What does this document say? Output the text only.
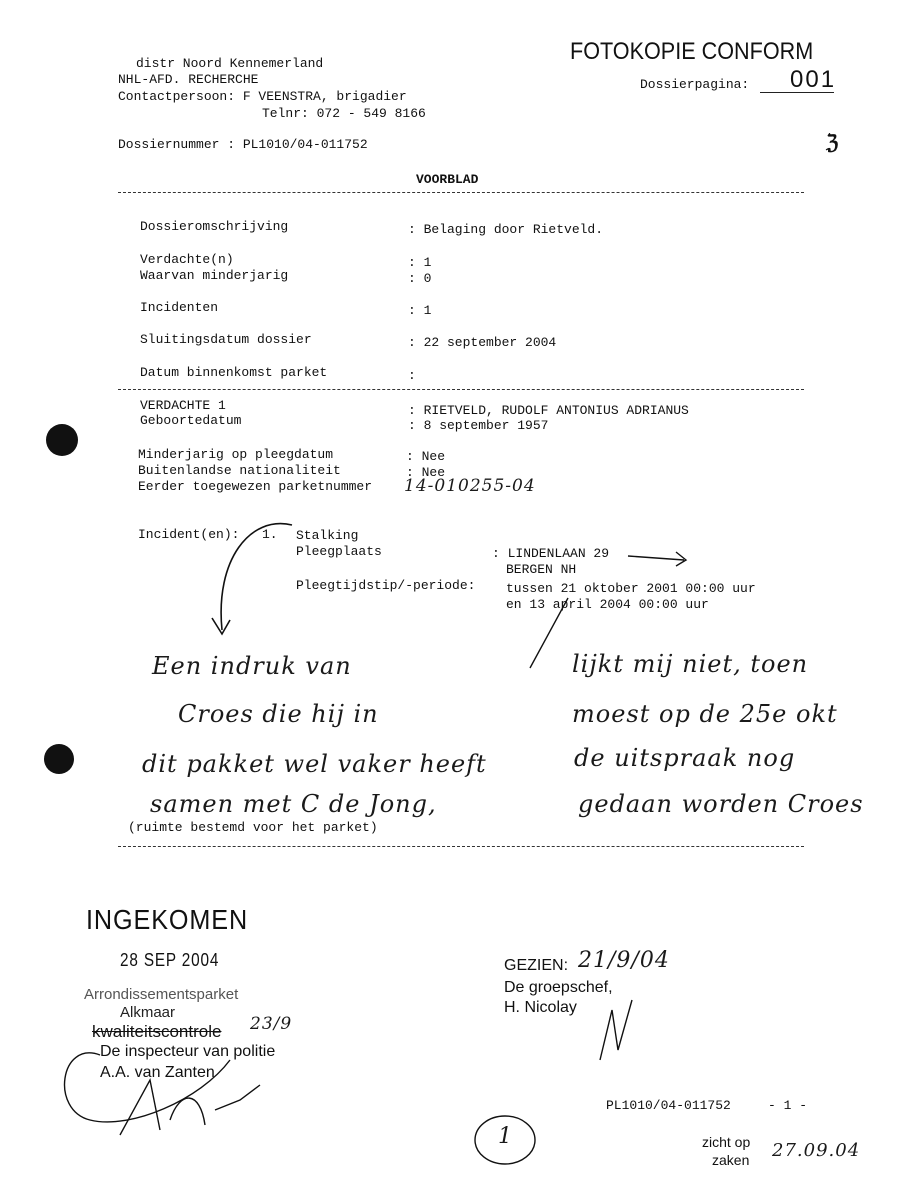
FOTOKOPIE CONFORM
Dossierpagina: 001
distr Noord Kennemerland
NHL-AFD. RECHERCHE
Contactpersoon: F VEENSTRA, brigadier
Telnr: 072 - 549 8166
Dossiernummer : PL1010/04-011752	ℨ
VOORBLAD
Dossieromschrijving	: Belaging door Rietveld.
Verdachte(n)	: 1
Waarvan minderjarig	: 0
Incidenten	: 1
Sluitingsdatum dossier	: 22 september 2004
Datum binnenkomst parket	:
VERDACHTE 1	: RIETVELD, RUDOLF ANTONIUS ADRIANUS
Geboortedatum	: 8 september 1957
Minderjarig op pleegdatum	: Nee
Buitenlandse nationaliteit	: Nee
Eerder toegewezen parketnummer 14-010255-04
Incident(en): 1. Stalking
Pleegplaats	: LINDENLAAN 29
BERGEN NH
Pleegtijdstip/-periode: tussen 21 oktober 2001 00:00 uur
en 13 april 2004 00:00 uur
Een indruk van
Croes die hij in
dit pakket wel vaker heeft
samen met C de Jong,
lijkt mij niet, toen
moest op de 25e okt
de uitspraak nog
gedaan worden Croes
(ruimte bestemd voor het parket)
INGEKOMEN
28 SEP 2004
Arrondissementsparket
Alkmaar
kwaliteitscontrole 23/9
De inspecteur van politie
A.A. van Zanten
GEZIEN: 21/9/04
De groepschef,
H. Nicolay
PL1010/04-011752	- 1 -
1	zicht op
zaken 27.09.04
